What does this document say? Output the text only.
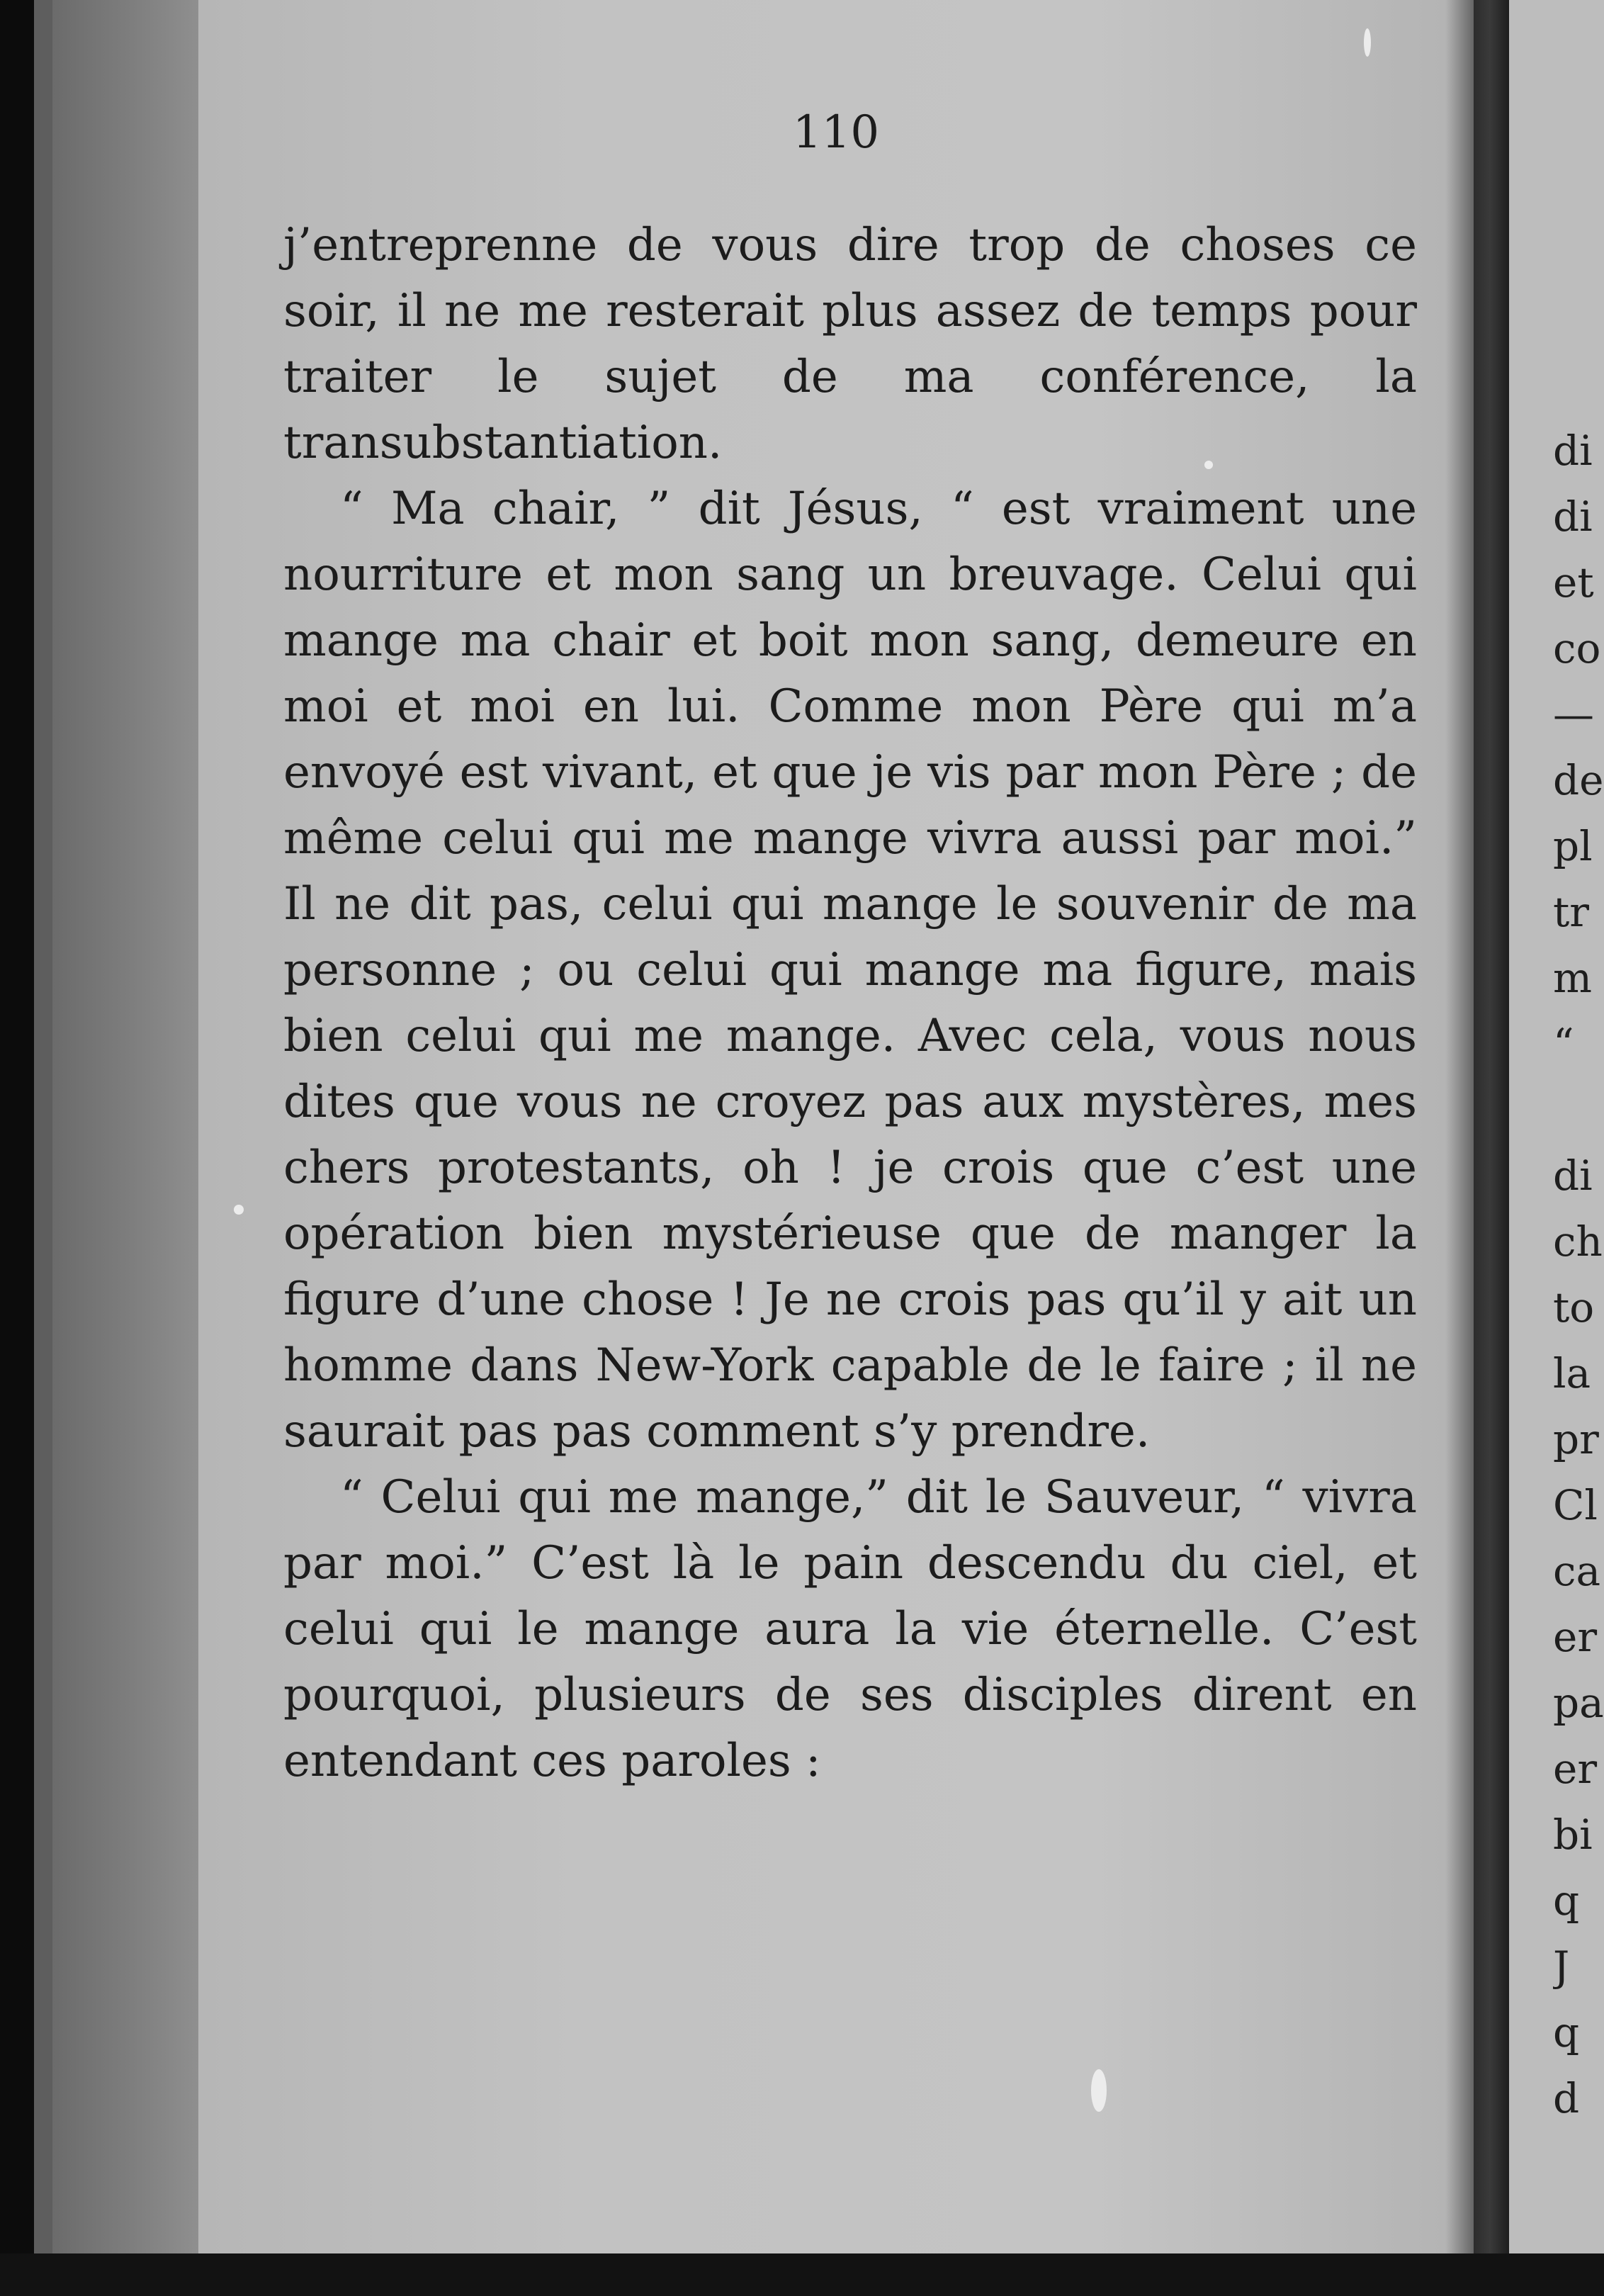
110

j’entreprenne de vous dire trop de choses ce soir, il ne me resterait plus assez de temps pour traiter le sujet de ma conférence, la transubstantiation.

“ Ma chair, ” dit Jésus, “ est vraiment une nourriture et mon sang un breuvage. Celui qui mange ma chair et boit mon sang, demeure en moi et moi en lui. Comme mon Père qui m’a envoyé est vivant, et que je vis par mon Père ; de même celui qui me mange vivra aussi par moi.” Il ne dit pas, celui qui mange le souvenir de ma personne ; ou celui qui mange ma figure, mais bien celui qui me mange. Avec cela, vous nous dites que vous ne croyez pas aux mystères, mes chers protestants, oh ! je crois que c’est une opération bien mystérieuse que de manger la figure d’une chose ! Je ne crois pas qu’il y ait un homme dans New-York capable de le faire ; il ne saurait pas pas comment s’y prendre.

“ Celui qui me mange,” dit le Sauveur, “ vivra par moi.” C’est là le pain descendu du ciel, et celui qui le mange aura la vie éternelle. C’est pourquoi, plusieurs de ses disciples dirent en entendant ces paroles :

di
di
et
co
—
de
pl
tr
m
“

di
ch
to
la
pr
Cl
ca
er
pa
er
bi
q
J
q
d
